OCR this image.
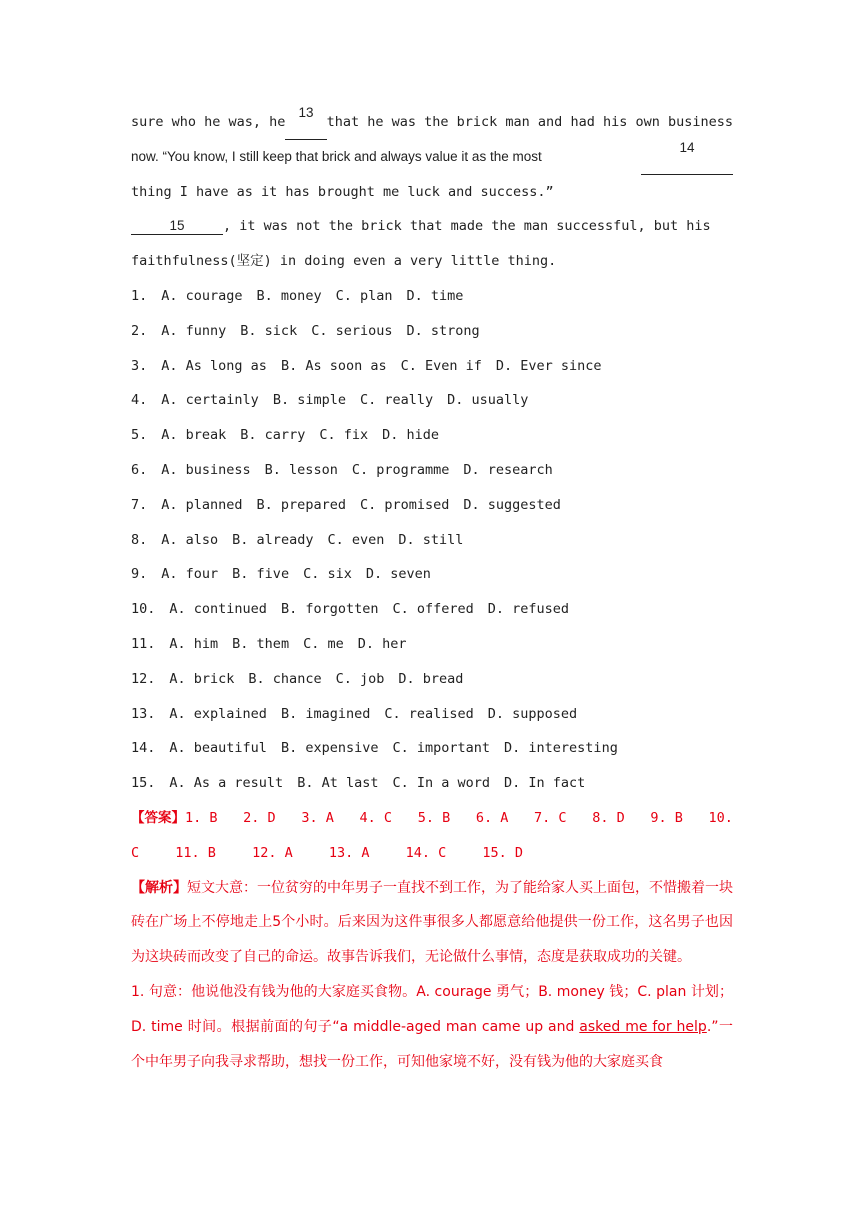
sure who he was, he
13
that he was the brick man and had his own business
now. “You know, I still keep that brick and always value it as the most
14
thing I have as it has brought me luck and success.”
15	, it was not the brick that made the man successful, but his
faithfulness(坚定) in doing even a very little thing.
1. A. courage B. money C. plan D. time
2. A. funny B. sick C. serious D. strong
3. A. As long as B. As soon as C. Even if D. Ever since
4. A. certainly B. simple C. really D. usually
5. A. break B. carry C. fix D. hide
6. A. business B. lesson C. programme D. research
7. A. planned B. prepared C. promised D. suggested
8. A. also B. already C. even D. still
9. A. four B. five C. six D. seven
10. A. continued B. forgotten C. offered D. refused
11. A. him B. them C. me D. her
12. A. brick B. chance C. job D. bread
13. A. explained B. imagined C. realised D. supposed
14. A. beautiful B. expensive C. important D. interesting
15. A. As a result B. At last C. In a word D. In fact
【答案】1. B 2. D 3. A 4. C 5. B 6. A 7. C 8. D 9. B 10.
C	11. B	12. A	13. A	14. C	15. D
【解析】短文大意：一位贫穷的中年男子一直找不到工作，为了能给家人买上面包，不惜搬着一块砖在广场上不停地走上5个小时。后来因为这件事很多人都愿意给他提供一份工作，这名男子也因为这块砖而改变了自己的命运。故事告诉我们，无论做什么事情，态度是获取成功的关键。
1. 句意：他说他没有钱为他的大家庭买食物。A. courage 勇气；B. money 钱；C. plan 计划；D. time 时间。根据前面的句子“a middle-aged man came up and asked me for help.”一个中年男子向我寻求帮助，想找一份工作，可知他家境不好，没有钱为他的大家庭买食
